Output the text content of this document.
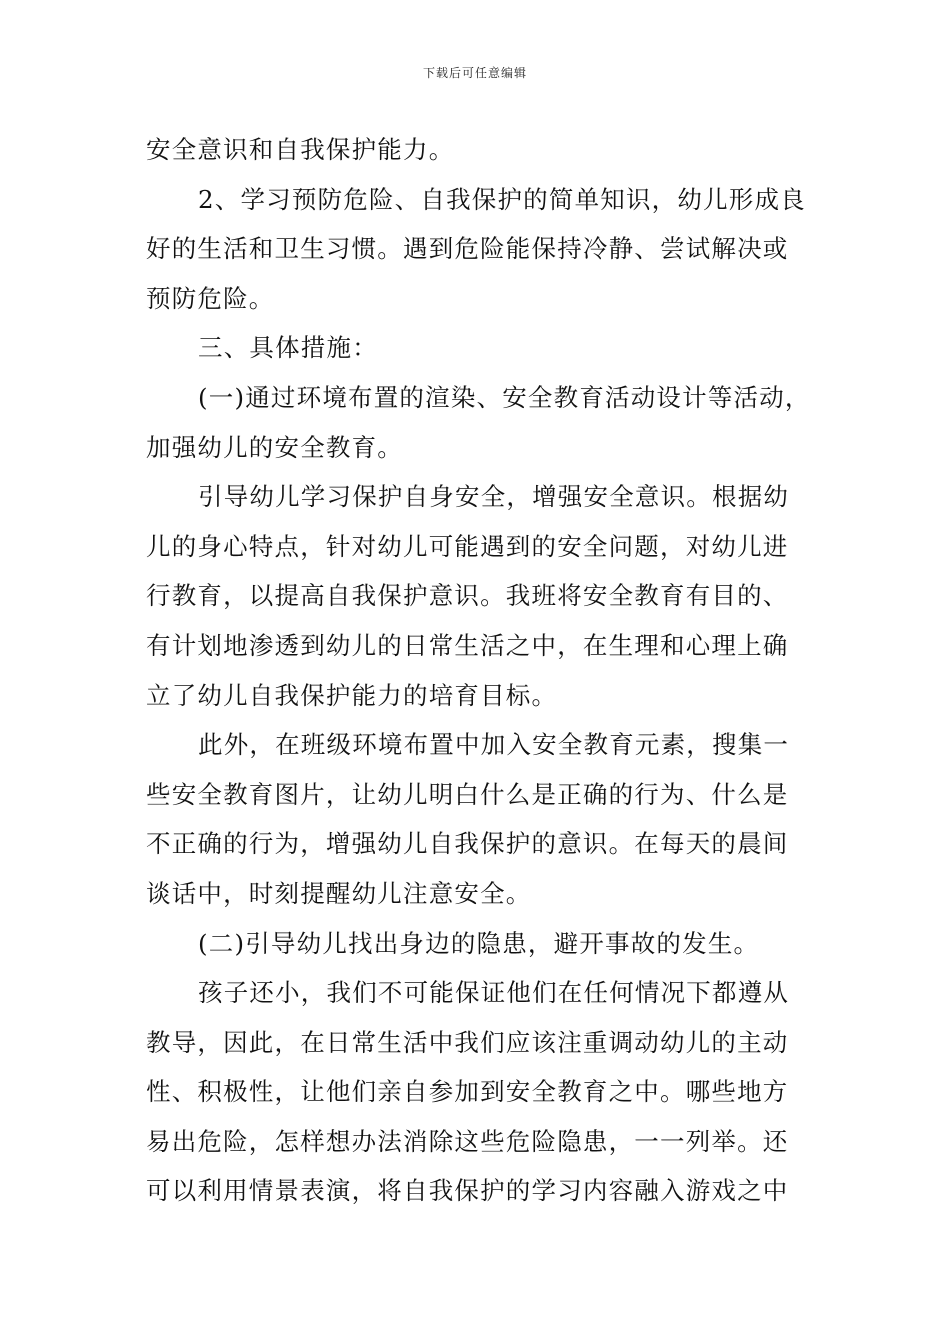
下载后可任意编辑
安全意识和自我保护能力。
2、学习预防危险、自我保护的简单知识，幼儿形成良
好的生活和卫生习惯。遇到危险能保持冷静、尝试解决或
预防危险。
三、具体措施：
(一)通过环境布置的渲染、安全教育活动设计等活动，
加强幼儿的安全教育。
引导幼儿学习保护自身安全，增强安全意识。根据幼
儿的身心特点，针对幼儿可能遇到的安全问题，对幼儿进
行教育，以提高自我保护意识。我班将安全教育有目的、
有计划地渗透到幼儿的日常生活之中，在生理和心理上确
立了幼儿自我保护能力的培育目标。
此外，在班级环境布置中加入安全教育元素，搜集一
些安全教育图片，让幼儿明白什么是正确的行为、什么是
不正确的行为，增强幼儿自我保护的意识。在每天的晨间
谈话中，时刻提醒幼儿注意安全。
(二)引导幼儿找出身边的隐患，避开事故的发生。
孩子还小，我们不可能保证他们在任何情况下都遵从
教导，因此，在日常生活中我们应该注重调动幼儿的主动
性、积极性，让他们亲自参加到安全教育之中。哪些地方
易出危险，怎样想办法消除这些危险隐患，一一列举。还
可以利用情景表演，将自我保护的学习内容融入游戏之中
